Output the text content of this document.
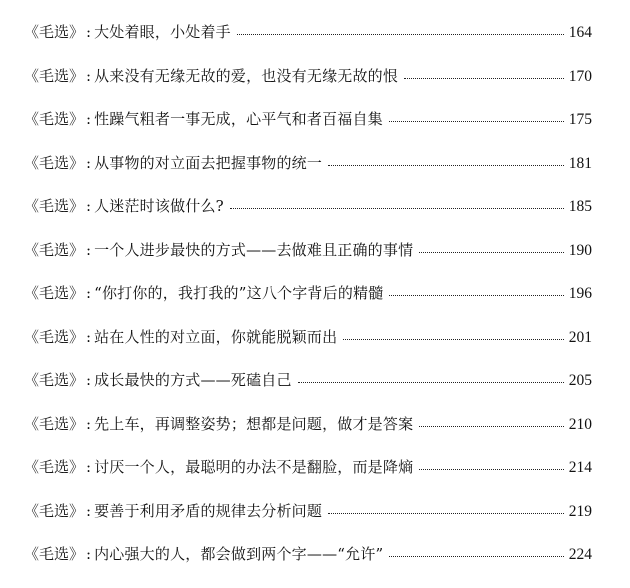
《毛选》 : 大处着眼，小处着手	164
《毛选》 : 从来没有无缘无故的爱，也没有无缘无故的恨	170
《毛选》 : 性躁气粗者一事无成，心平气和者百福自集	175
《毛选》 : 从事物的对立面去把握事物的统一	181
《毛选》 : 人迷茫时该做什么?	185
《毛选》 : 一个人进步最快的方式——去做难且正确的事情	190
《毛选》 : “你打你的，我打我的”这八个字背后的精髓	196
《毛选》 : 站在人性的对立面，你就能脱颖而出	201
《毛选》 : 成长最快的方式——死磕自己	205
《毛选》 : 先上车，再调整姿势；想都是问题，做才是答案	210
《毛选》 : 讨厌一个人，最聪明的办法不是翻脸，而是降熵	214
《毛选》 : 要善于利用矛盾的规律去分析问题	219
《毛选》 : 内心强大的人，都会做到两个字——“允许”	224
